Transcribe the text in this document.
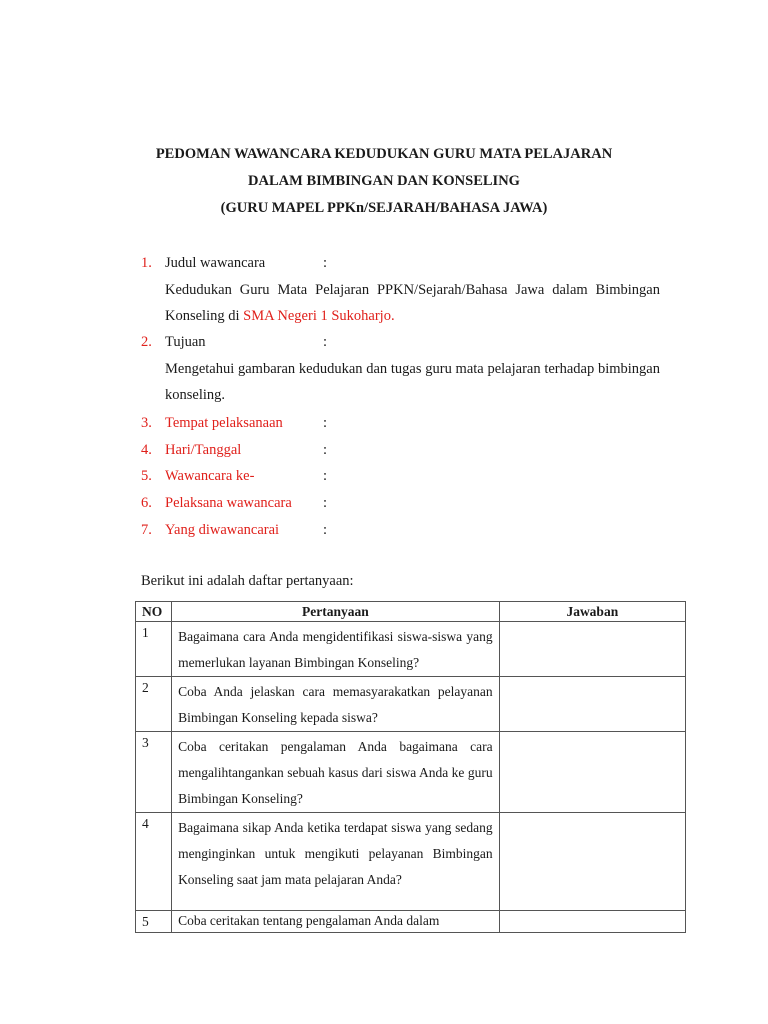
PEDOMAN WAWANCARA KEDUDUKAN GURU MATA PELAJARAN
DALAM BIMBINGAN DAN KONSELING
(GURU MAPEL PPKn/SEJARAH/BAHASA JAWA)
1. Judul wawancara	:
Kedudukan Guru Mata Pelajaran PPKN/Sejarah/Bahasa Jawa dalam Bimbingan Konseling di SMA Negeri 1 Sukoharjo.
2. Tujuan	:
Mengetahui gambaran kedudukan dan tugas guru mata pelajaran terhadap bimbingan konseling.
3. Tempat pelaksanaan	:
4. Hari/Tanggal	:
5. Wawancara ke-	:
6. Pelaksana wawancara :
7. Yang diwawancarai	:
Berikut ini adalah daftar pertanyaan:
NO	Pertanyaan	Jawaban
1	Bagaimana cara Anda mengidentifikasi siswa-siswa yang memerlukan layanan Bimbingan Konseling?	
2	Coba Anda jelaskan cara memasyarakatkan pelayanan Bimbingan Konseling kepada siswa?	
3	Coba ceritakan pengalaman Anda bagaimana cara mengalihtangankan sebuah kasus dari siswa Anda ke guru Bimbingan Konseling?	
4	Bagaimana sikap Anda ketika terdapat siswa yang sedang menginginkan untuk mengikuti pelayanan Bimbingan Konseling saat jam mata pelajaran Anda?	
5	Coba ceritakan tentang pengalaman Anda dalam	
